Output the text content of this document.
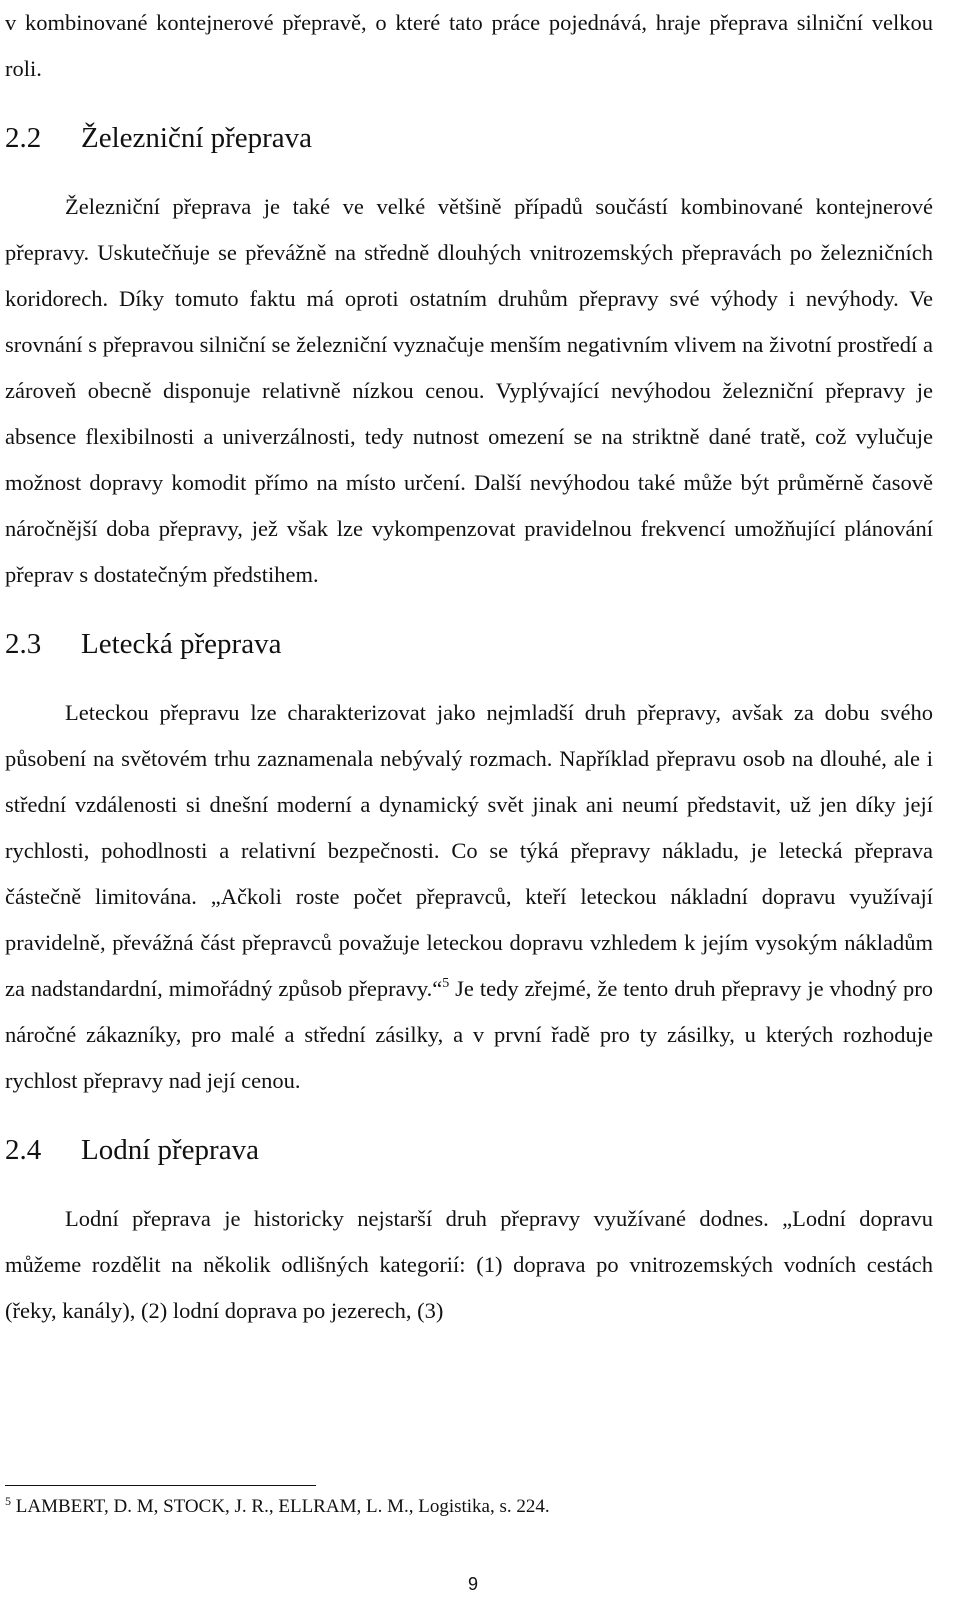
v kombinované kontejnerové přepravě, o které tato práce pojednává, hraje přeprava silniční velkou roli.

2.2	Železniční přeprava

Železniční přeprava je také ve velké většině případů součástí kombinované kontejnerové přepravy. Uskutečňuje se převážně na středně dlouhých vnitrozemských přepravách po železničních koridorech. Díky tomuto faktu má oproti ostatním druhům přepravy své výhody i nevýhody. Ve srovnání s přepravou silniční se železniční vyznačuje menším negativním vlivem na životní prostředí a zároveň obecně disponuje relativně nízkou cenou. Vyplývající nevýhodou železniční přepravy je absence flexibilnosti a univerzálnosti, tedy nutnost omezení se na striktně dané tratě, což vylučuje možnost dopravy komodit přímo na místo určení. Další nevýhodou také může být průměrně časově náročnější doba přepravy, jež však lze vykompenzovat pravidelnou frekvencí umožňující plánování přeprav s dostatečným předstihem.

2.3	Letecká přeprava

Leteckou přepravu lze charakterizovat jako nejmladší druh přepravy, avšak za dobu svého působení na světovém trhu zaznamenala nebývalý rozmach. Například přepravu osob na dlouhé, ale i střední vzdálenosti si dnešní moderní a dynamický svět jinak ani neumí představit, už jen díky její rychlosti, pohodlnosti a relativní bezpečnosti. Co se týká přepravy nákladu, je letecká přeprava částečně limitována. „Ačkoli roste počet přepravců, kteří leteckou nákladní dopravu využívají pravidelně, převážná část přepravců považuje leteckou dopravu vzhledem k jejím vysokým nákladům za nadstandardní, mimořádný způsob přepravy.“$^5$ Je tedy zřejmé, že tento druh přepravy je vhodný pro náročné zákazníky, pro malé a střední zásilky, a v první řadě pro ty zásilky, u kterých rozhoduje rychlost přepravy nad její cenou.

2.4	Lodní přeprava

Lodní přeprava je historicky nejstarší druh přepravy využívané dodnes. „Lodní dopravu můžeme rozdělit na několik odlišných kategorií: (1) doprava po vnitrozemských vodních cestách (řeky, kanály), (2) lodní doprava po jezerech, (3)

$^5$ LAMBERT, D. M, STOCK, J. R., ELLRAM, L. M., Logistika, s. 224.
9
